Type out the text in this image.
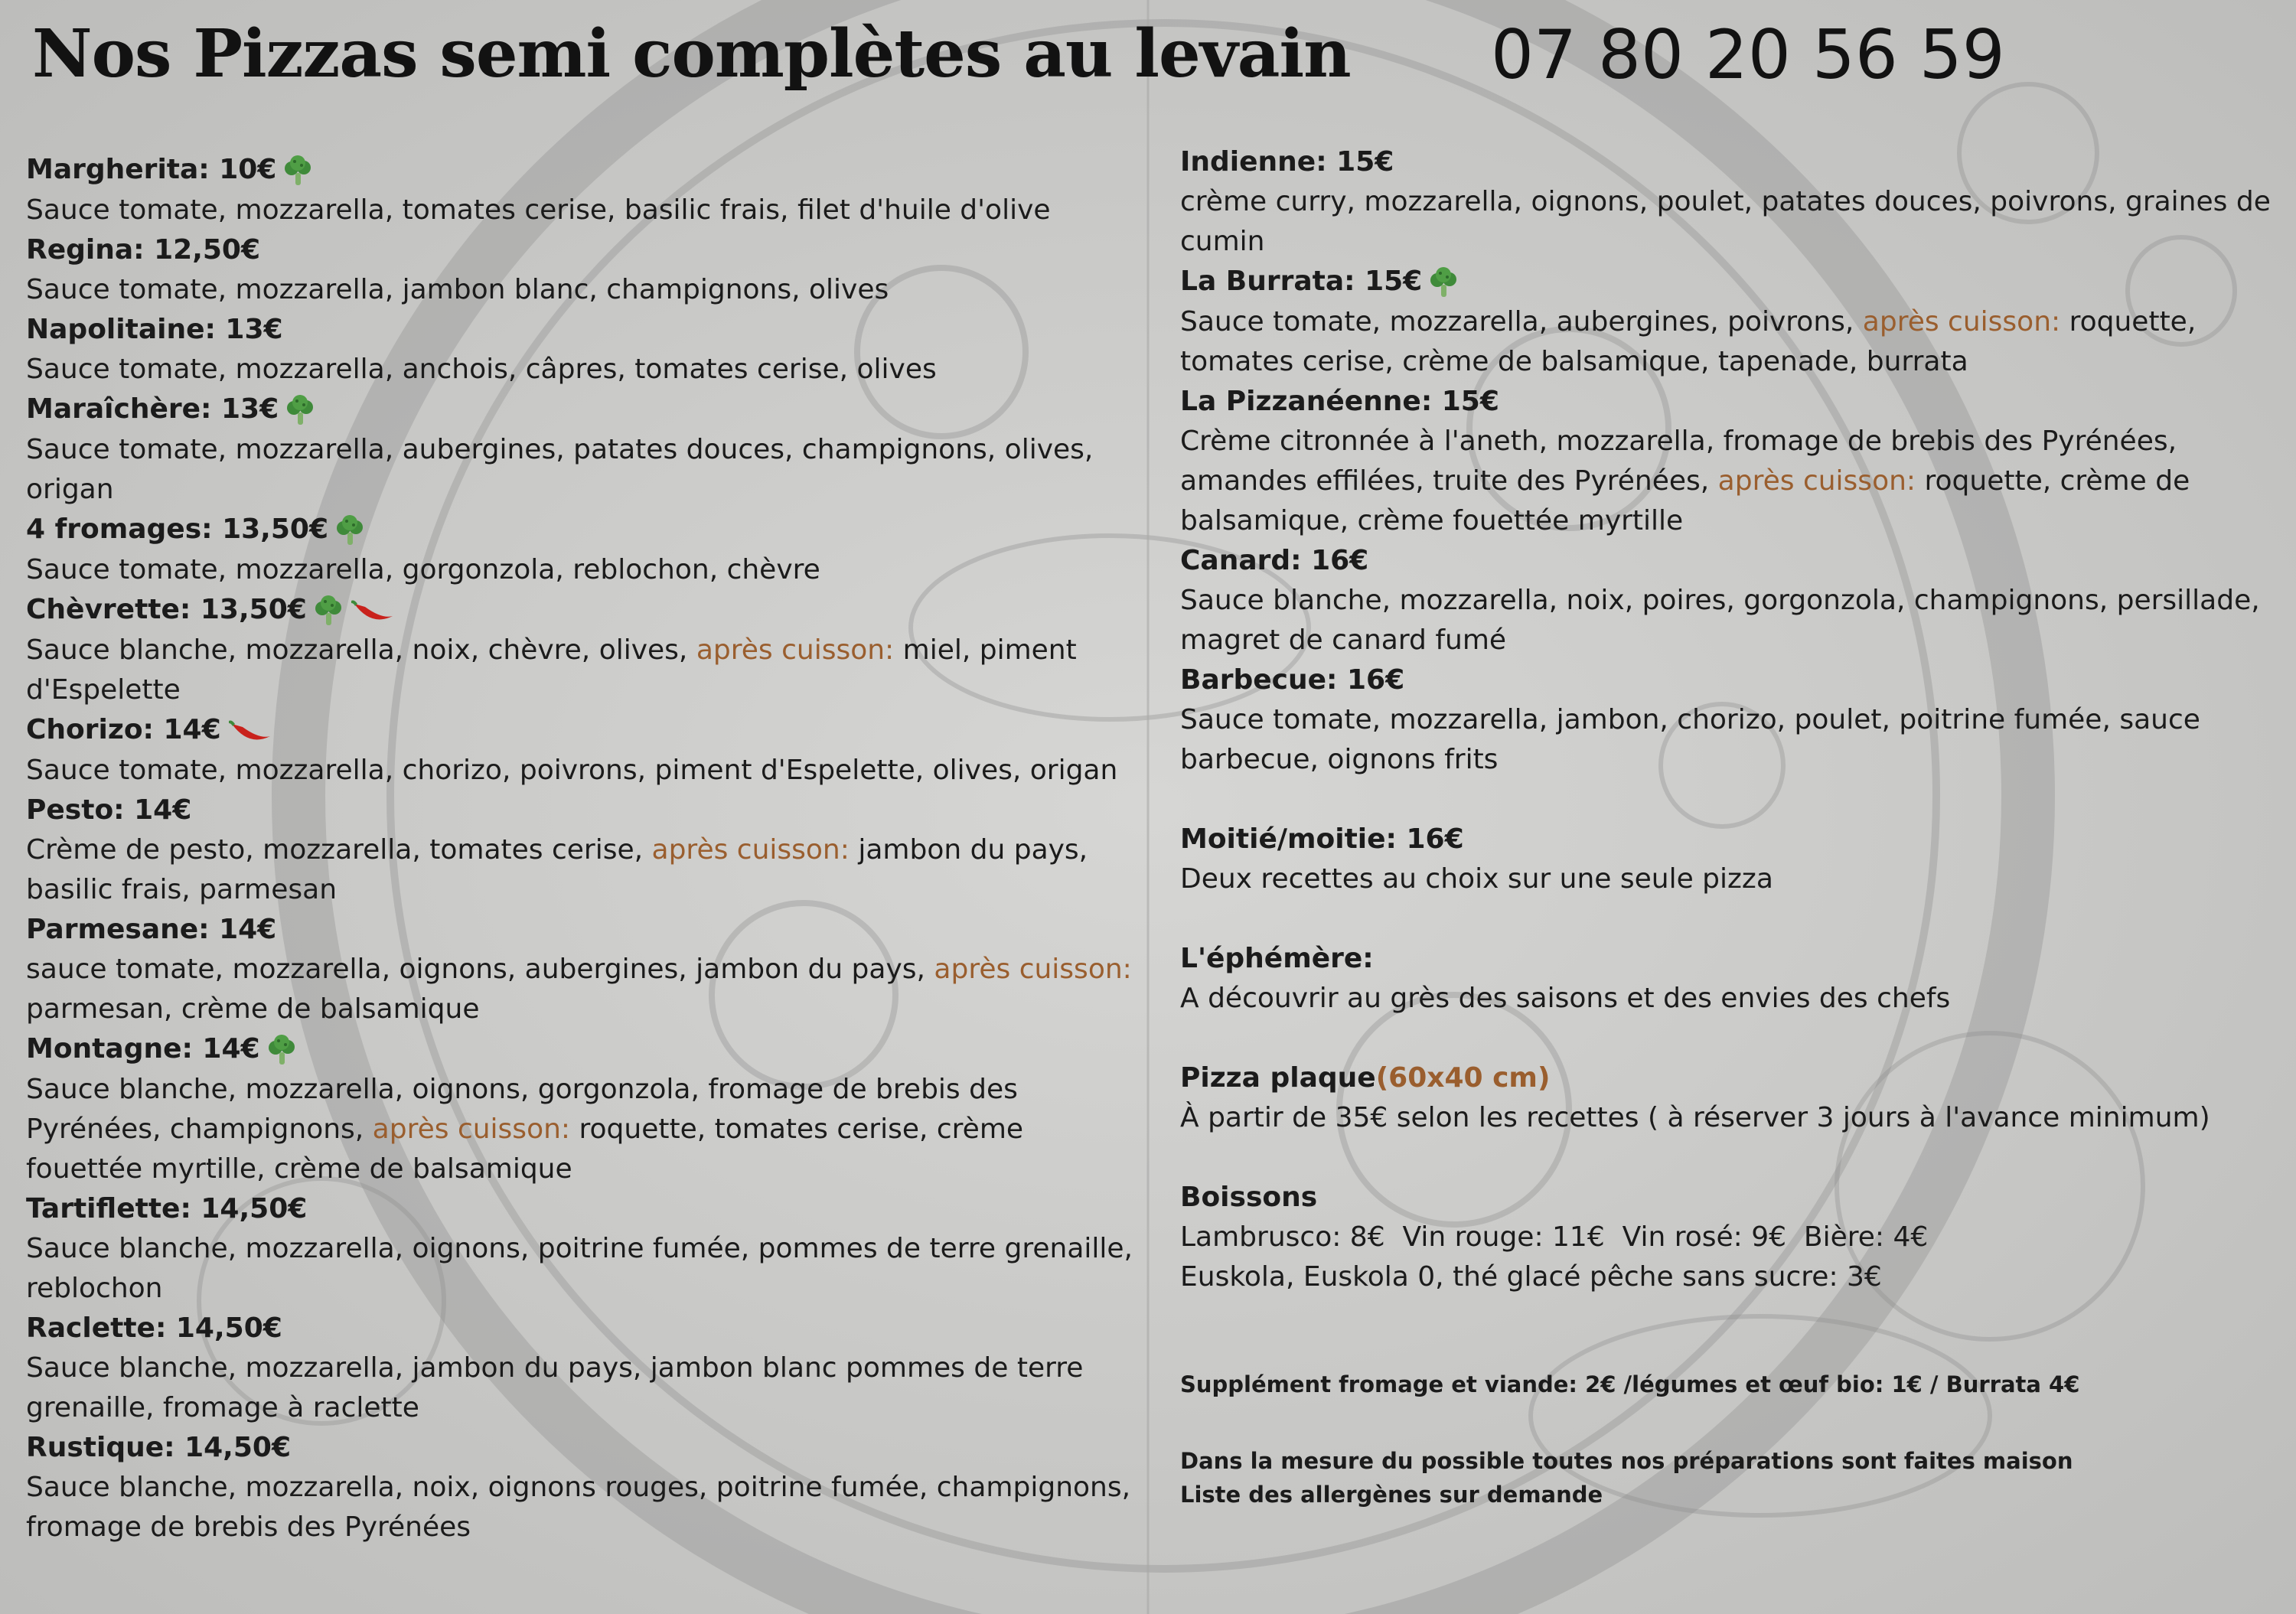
Nos Pizzas semi complètes au levain 07 80 20 56 59
Margherita: 10€
Sauce tomate, mozzarella, tomates cerise, basilic frais, filet d'huile d'olive
Regina: 12,50€
Sauce tomate, mozzarella, jambon blanc, champignons, olives
Napolitaine: 13€
Sauce tomate, mozzarella, anchois, câpres, tomates cerise, olives
Maraîchère: 13€
Sauce tomate, mozzarella, aubergines, patates douces, champignons, olives, origan
4 fromages: 13,50€
Sauce tomate, mozzarella, gorgonzola, reblochon, chèvre
Chèvrette: 13,50€
Sauce blanche, mozzarella, noix, chèvre, olives, après cuisson: miel, piment d'Espelette
Chorizo: 14€
Sauce tomate, mozzarella, chorizo, poivrons, piment d'Espelette, olives, origan
Pesto: 14€
Crème de pesto, mozzarella, tomates cerise, après cuisson: jambon du pays, basilic frais, parmesan
Parmesane: 14€
sauce tomate, mozzarella, oignons, aubergines, jambon du pays, après cuisson: parmesan, crème de balsamique
Montagne: 14€
Sauce blanche, mozzarella, oignons, gorgonzola, fromage de brebis des Pyrénées, champignons, après cuisson: roquette, tomates cerise, crème fouettée myrtille, crème de balsamique
Tartiflette: 14,50€
Sauce blanche, mozzarella, oignons, poitrine fumée, pommes de terre grenaille, reblochon
Raclette: 14,50€
Sauce blanche, mozzarella, jambon du pays, jambon blanc pommes de terre grenaille, fromage à raclette
Rustique: 14,50€
Sauce blanche, mozzarella, noix, oignons rouges, poitrine fumée, champignons, fromage de brebis des Pyrénées
Indienne: 15€
crème curry, mozzarella, oignons, poulet, patates douces, poivrons, graines de cumin
La Burrata: 15€
Sauce tomate, mozzarella, aubergines, poivrons, après cuisson: roquette, tomates cerise, crème de balsamique, tapenade, burrata
La Pizzanéenne: 15€
Crème citronnée à l'aneth, mozzarella, fromage de brebis des Pyrénées, amandes effilées, truite des Pyrénées, après cuisson: roquette, crème de balsamique, crème fouettée myrtille
Canard: 16€
Sauce blanche, mozzarella, noix, poires, gorgonzola, champignons, persillade, magret de canard fumé
Barbecue: 16€
Sauce tomate, mozzarella, jambon, chorizo, poulet, poitrine fumée, sauce barbecue, oignons frits
Moitié/moitie: 16€
Deux recettes au choix sur une seule pizza
L'éphémère:
A découvrir au grès des saisons et des envies des chefs
Pizza plaque(60x40 cm)
À partir de 35€ selon les recettes ( à réserver 3 jours à l'avance minimum)
Boissons
Lambrusco: 8€  Vin rouge: 11€  Vin rosé: 9€  Bière: 4€
Euskola, Euskola 0, thé glacé pêche sans sucre: 3€
Supplément fromage et viande: 2€ /légumes et œuf bio: 1€ / Burrata 4€
Dans la mesure du possible toutes nos préparations sont faites maison
Liste des allergènes sur demande
